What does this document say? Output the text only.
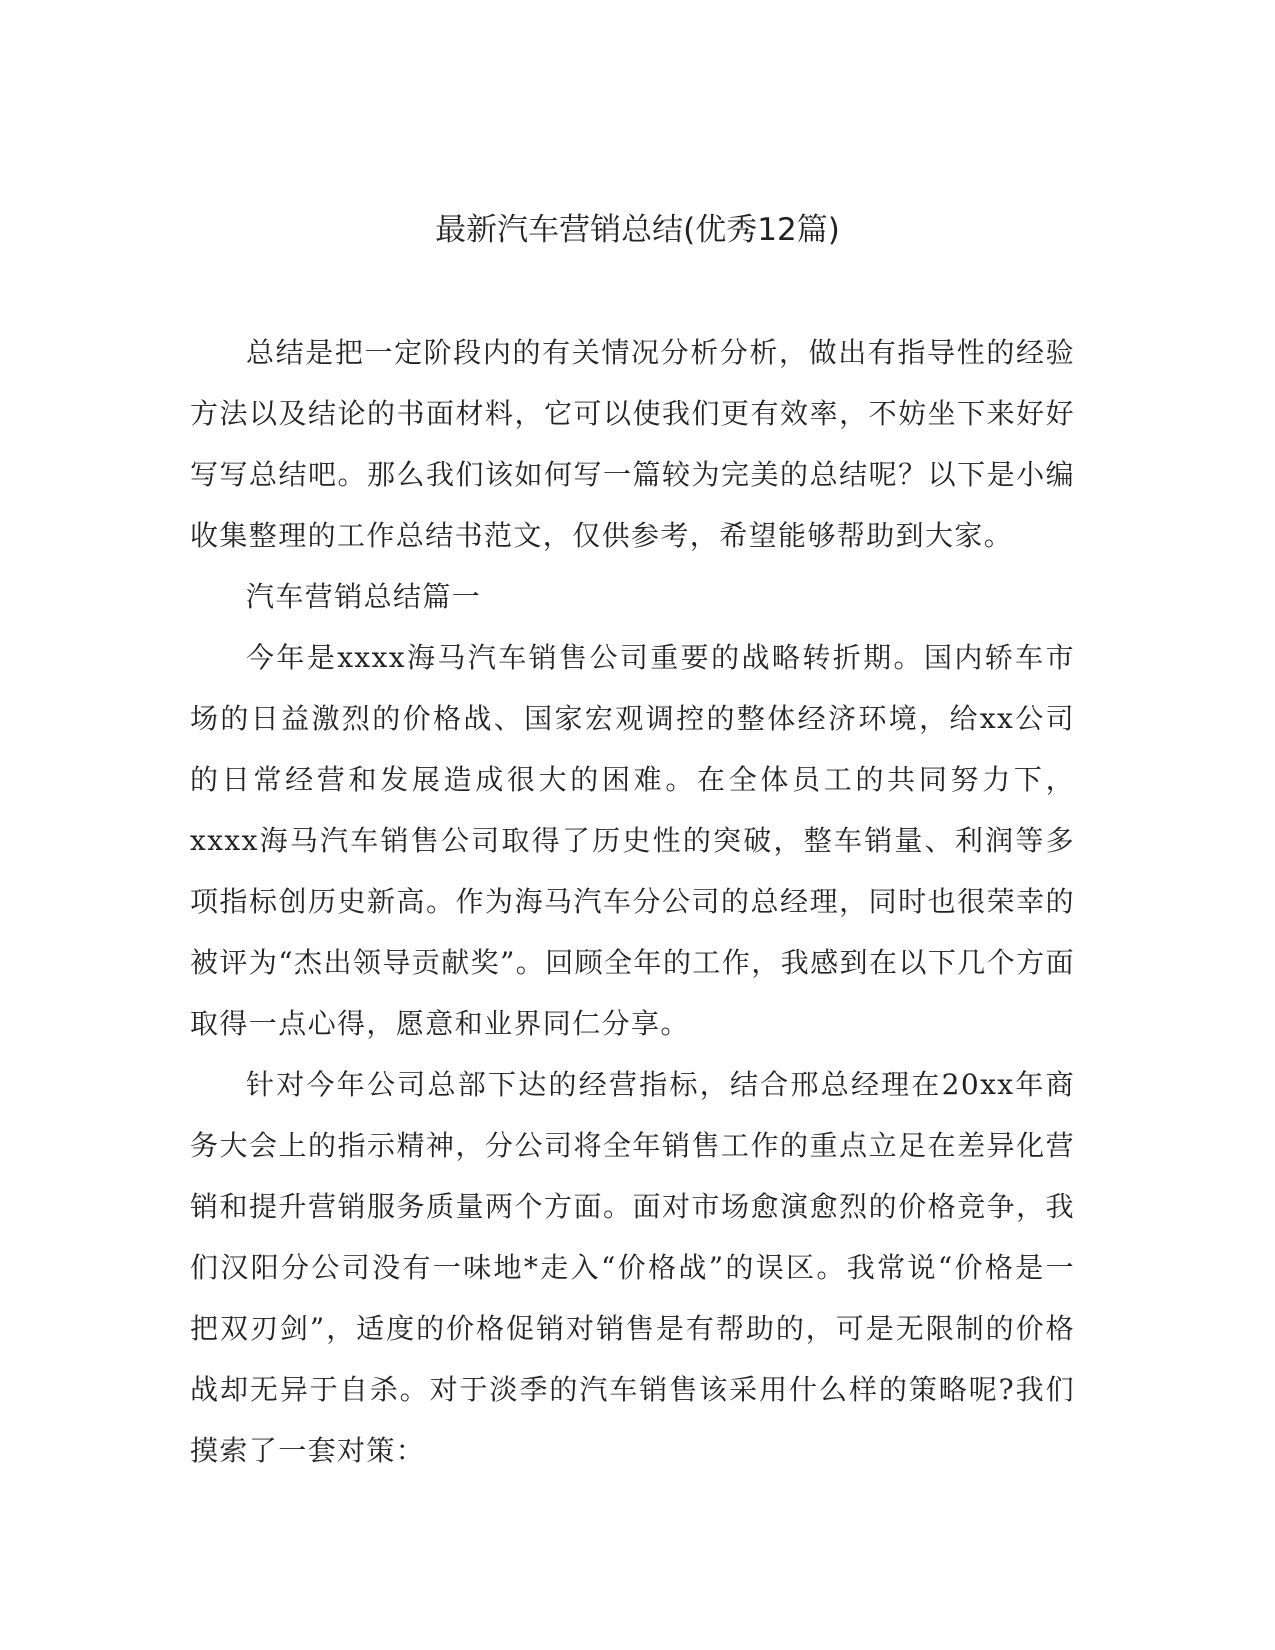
最新汽车营销总结(优秀12篇)

总结是把一定阶段内的有关情况分析分析，做出有指导性的经验方法以及结论的书面材料，它可以使我们更有效率，不妨坐下来好好写写总结吧。那么我们该如何写一篇较为完美的总结呢？以下是小编收集整理的工作总结书范文，仅供参考，希望能够帮助到大家。

汽车营销总结篇一

今年是xxxx海马汽车销售公司重要的战略转折期。国内轿车市场的日益激烈的价格战、国家宏观调控的整体经济环境，给xx公司的日常经营和发展造成很大的困难。在全体员工的共同努力下，xxxx海马汽车销售公司取得了历史性的突破，整车销量、利润等多项指标创历史新高。作为海马汽车分公司的总经理，同时也很荣幸的被评为“杰出领导贡献奖”。回顾全年的工作，我感到在以下几个方面取得一点心得，愿意和业界同仁分享。

针对今年公司总部下达的经营指标，结合邢总经理在20xx年商务大会上的指示精神，分公司将全年销售工作的重点立足在差异化营销和提升营销服务质量两个方面。面对市场愈演愈烈的价格竞争，我们汉阳分公司没有一味地*走入“价格战”的误区。我常说“价格是一把双刃剑”，适度的价格促销对销售是有帮助的，可是无限制的价格战却无异于自杀。对于淡季的汽车销售该采用什么样的策略呢?我们摸索了一套对策：
